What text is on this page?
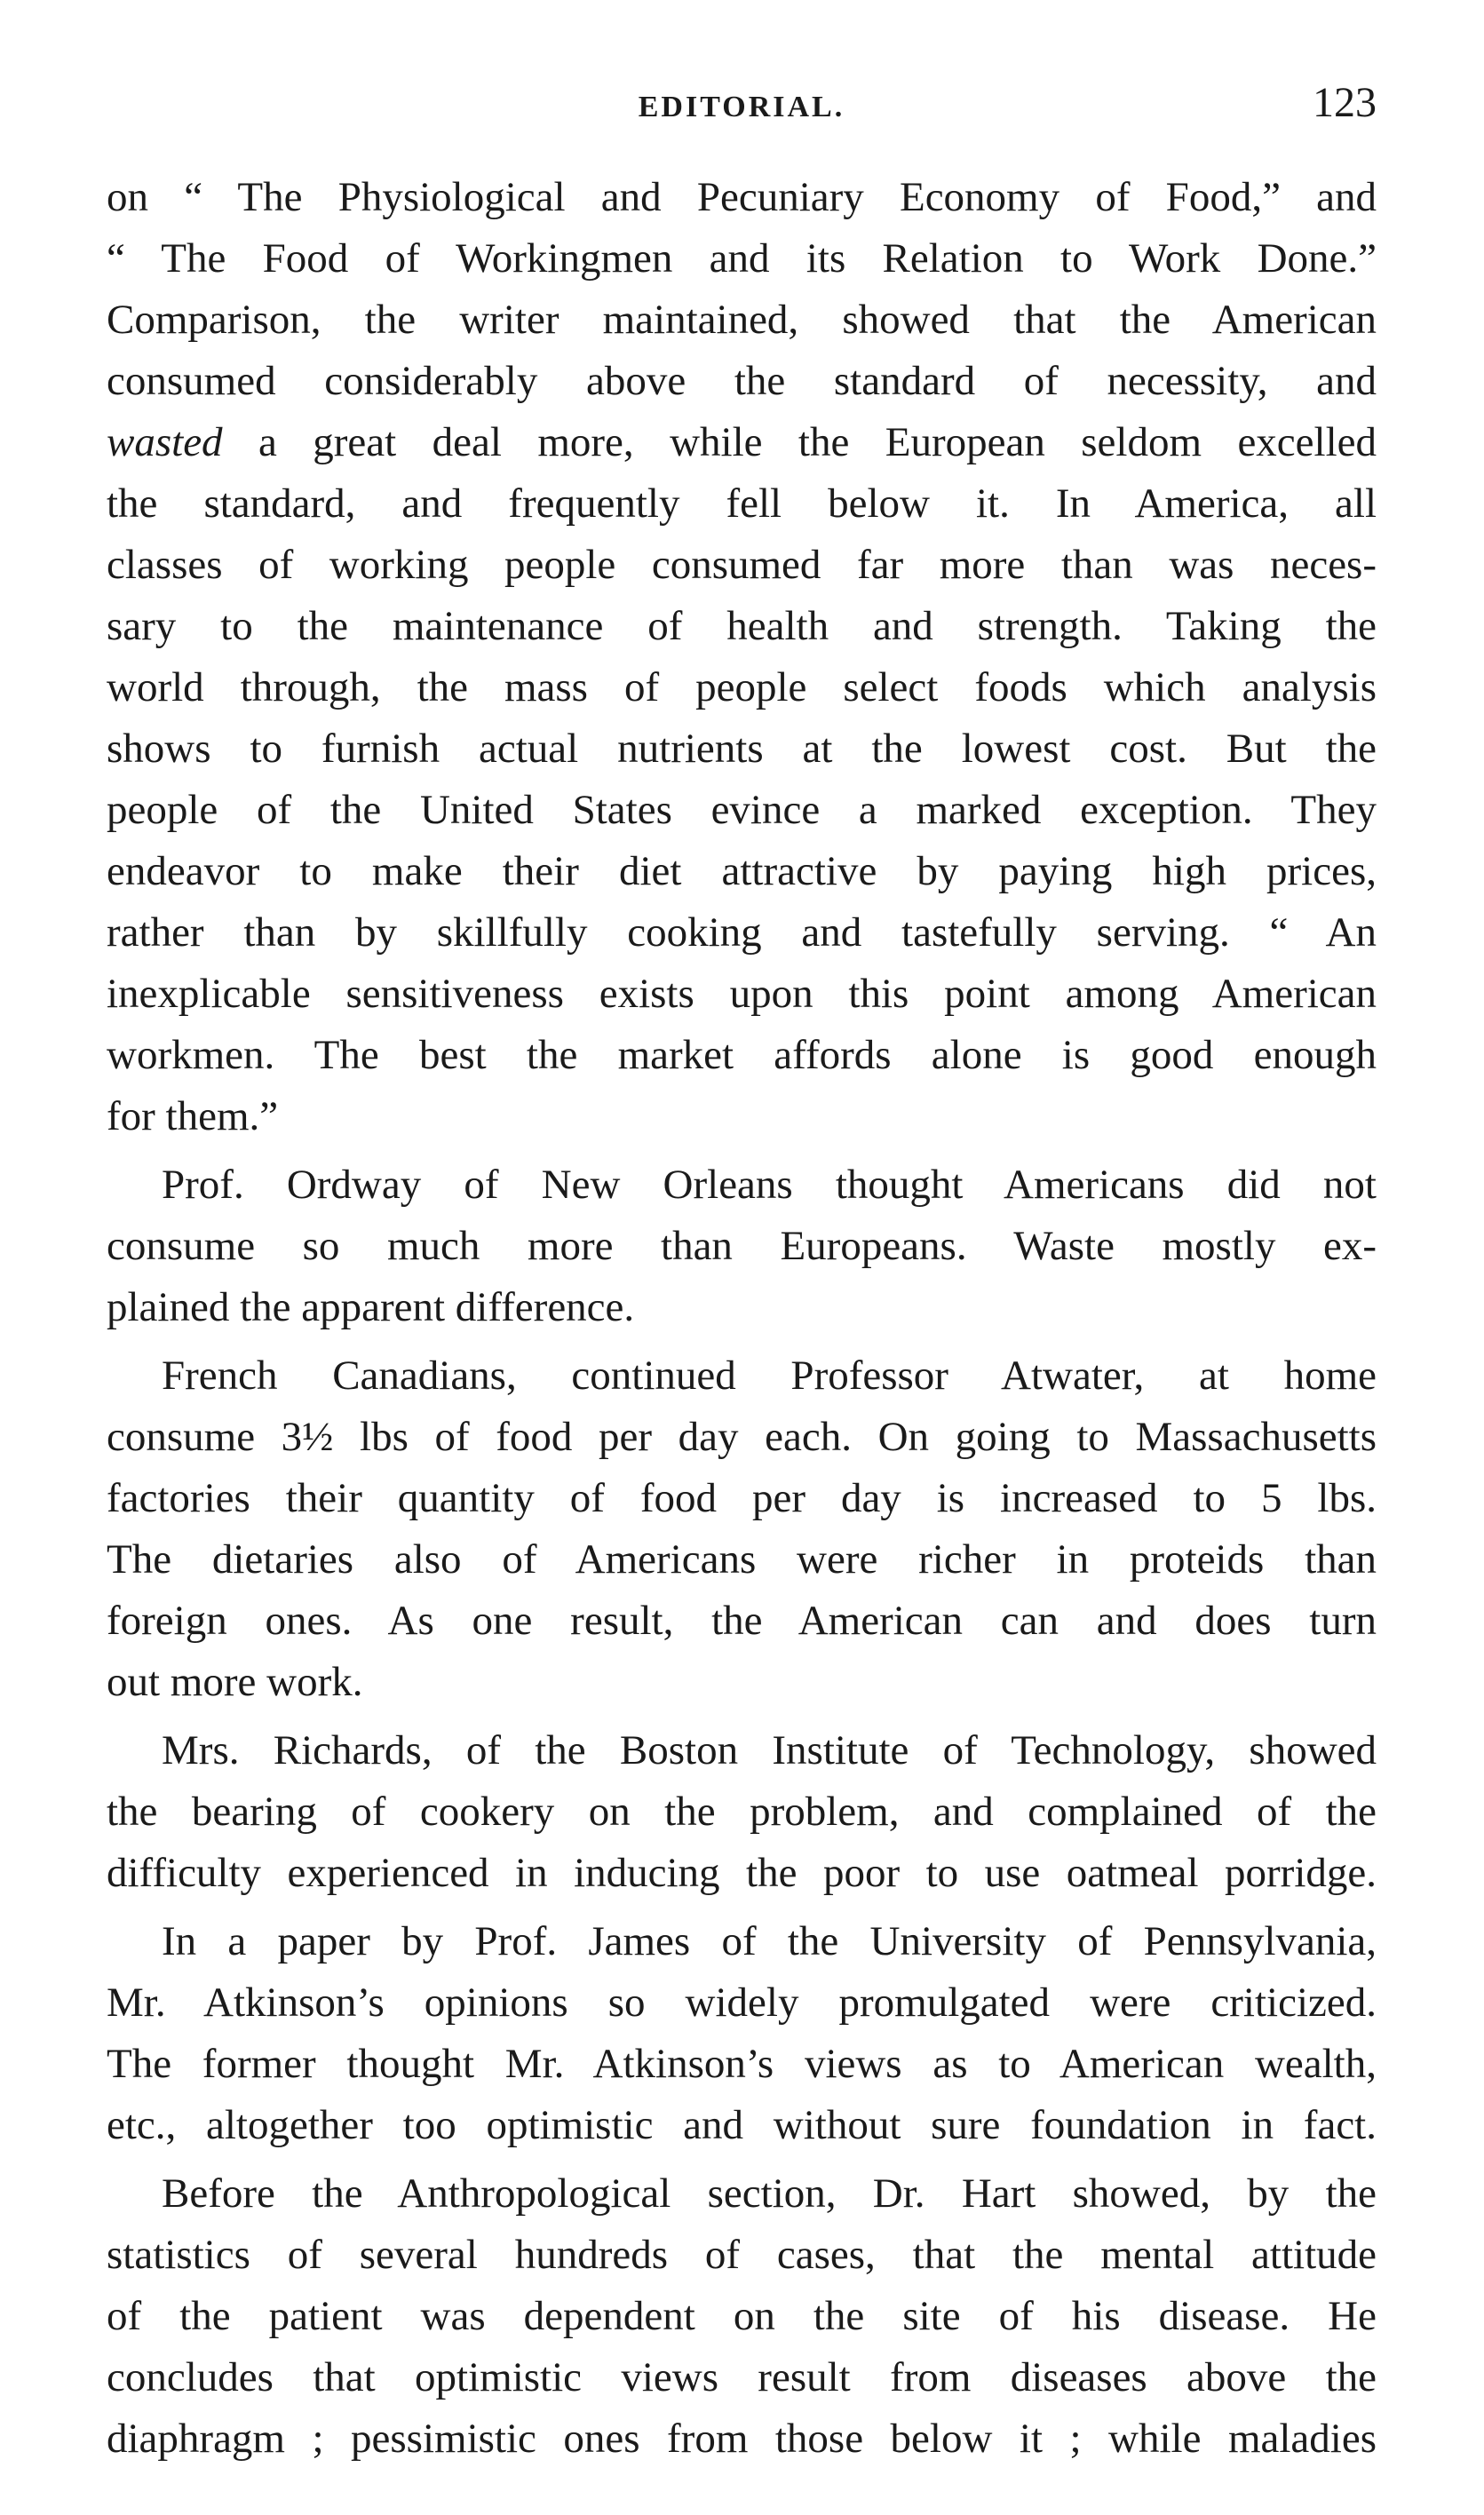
EDITORIAL.	123
on “ The Physiological and Pecuniary Economy of Food,” and
“ The Food of Workingmen and its Relation to Work Done.”
Comparison, the writer maintained, showed that the American
consumed considerably above the standard of necessity, and
wasted a great deal more, while the European seldom excelled
the standard, and frequently fell below it. In America, all
classes of working people consumed far more than was neces-
sary to the maintenance of health and strength. Taking the
world through, the mass of people select foods which analysis
shows to furnish actual nutrients at the lowest cost. But the
people of the United States evince a marked exception. They
endeavor to make their diet attractive by paying high prices,
rather than by skillfully cooking and tastefully serving. “ An
inexplicable sensitiveness exists upon this point among American
workmen. The best the market affords alone is good enough
for them.”
Prof. Ordway of New Orleans thought Americans did not
consume so much more than Europeans. Waste mostly ex-
plained the apparent difference.
French Canadians, continued Professor Atwater, at home
consume 3½ lbs of food per day each. On going to Massachusetts
factories their quantity of food per day is increased to 5 lbs.
The dietaries also of Americans were richer in proteids than
foreign ones. As one result, the American can and does turn
out more work.
Mrs. Richards, of the Boston Institute of Technology, showed
the bearing of cookery on the problem, and complained of the
difficulty experienced in inducing the poor to use oatmeal porridge.
In a paper by Prof. James of the University of Pennsylvania,
Mr. Atkinson’s opinions so widely promulgated were criticized.
The former thought Mr. Atkinson’s views as to American wealth,
etc., altogether too optimistic and without sure foundation in fact.
Before the Anthropological section, Dr. Hart showed, by the
statistics of several hundreds of cases, that the mental attitude
of the patient was dependent on the site of his disease. He
concludes that optimistic views result from diseases above the
diaphragm ; pessimistic ones from those below it ; while maladies
